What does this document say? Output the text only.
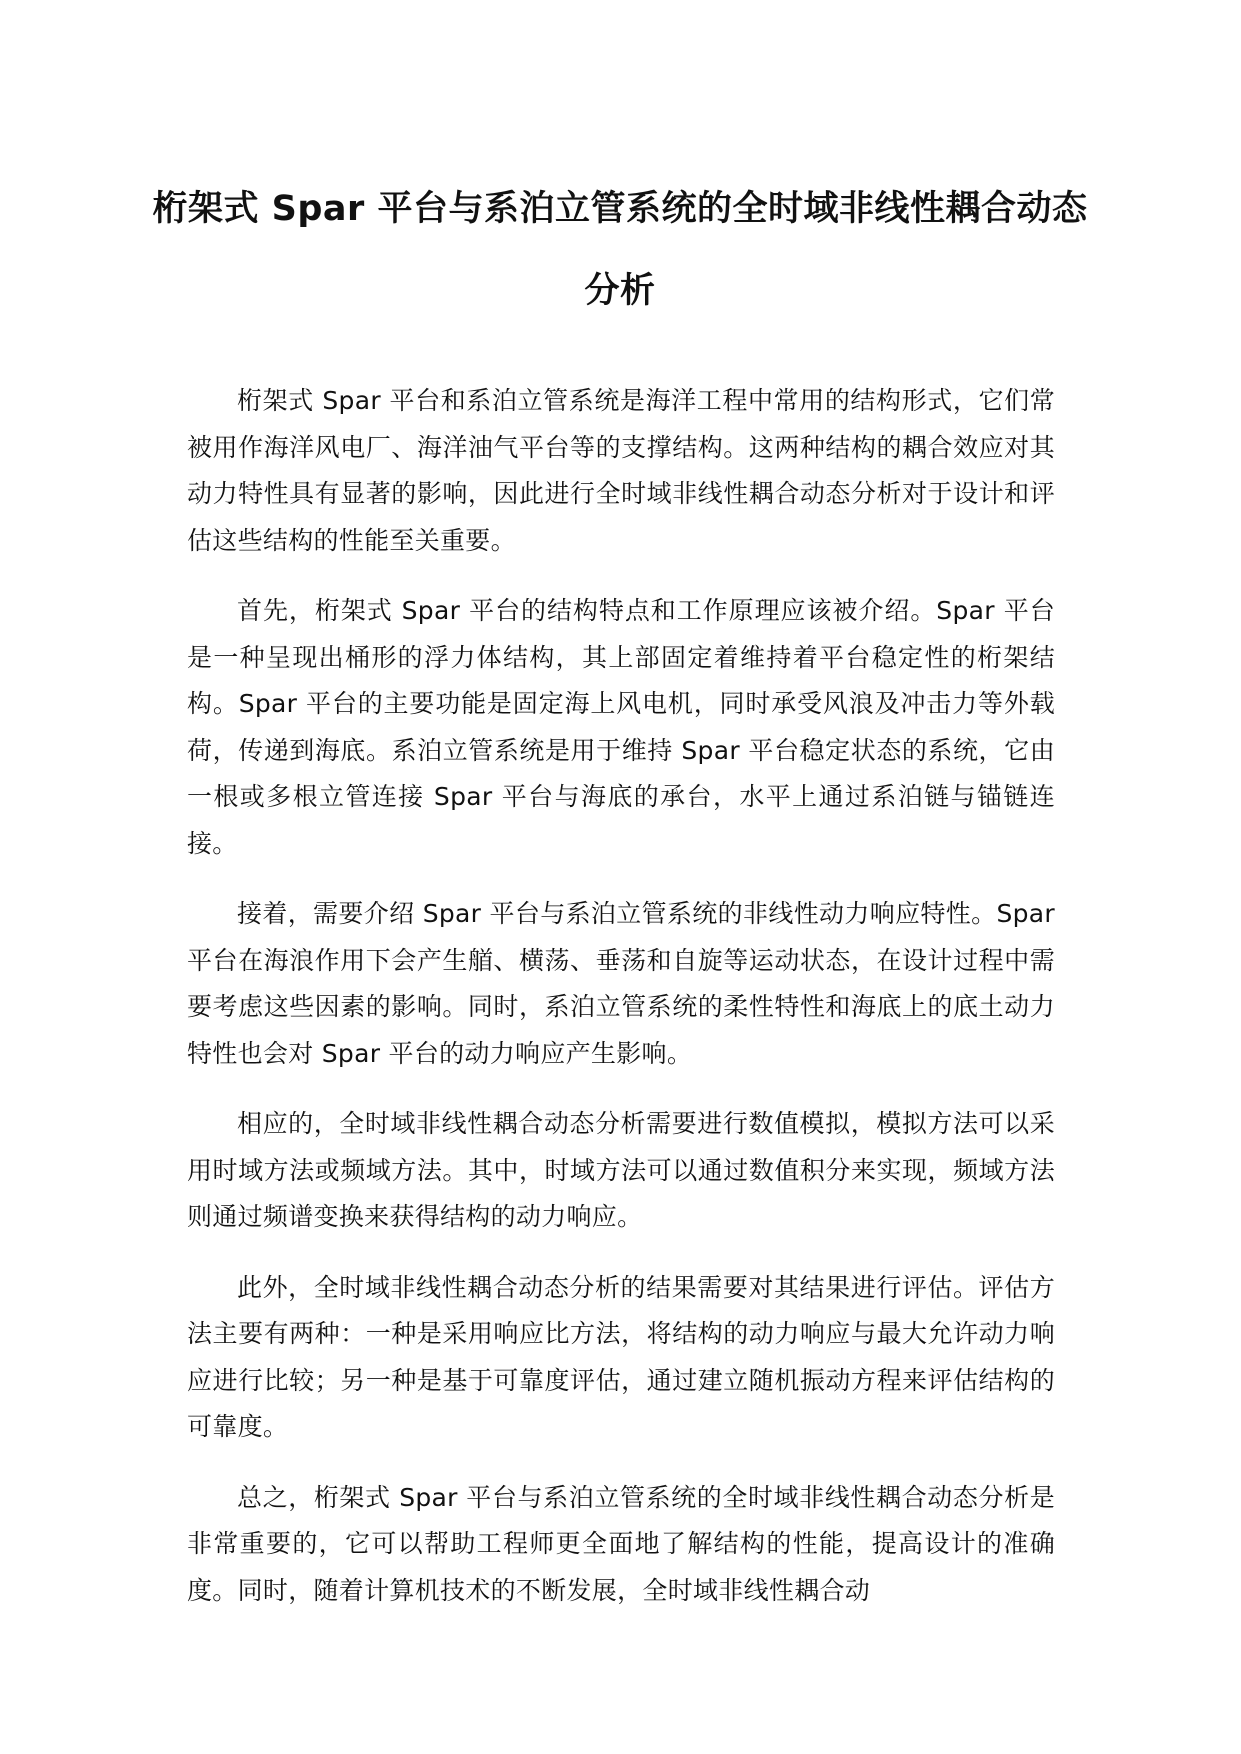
桁架式 Spar 平台与系泊立管系统的全时域非线性耦合动态分析

桁架式 Spar 平台和系泊立管系统是海洋工程中常用的结构形式，它们常被用作海洋风电厂、海洋油气平台等的支撑结构。这两种结构的耦合效应对其动力特性具有显著的影响，因此进行全时域非线性耦合动态分析对于设计和评估这些结构的性能至关重要。

首先，桁架式 Spar 平台的结构特点和工作原理应该被介绍。Spar 平台是一种呈现出桶形的浮力体结构，其上部固定着维持着平台稳定性的桁架结构。Spar 平台的主要功能是固定海上风电机，同时承受风浪及冲击力等外载荷，传递到海底。系泊立管系统是用于维持 Spar 平台稳定状态的系统，它由一根或多根立管连接 Spar 平台与海底的承台，水平上通过系泊链与锚链连接。

接着，需要介绍 Spar 平台与系泊立管系统的非线性动力响应特性。Spar 平台在海浪作用下会产生艏、横荡、垂荡和自旋等运动状态，在设计过程中需要考虑这些因素的影响。同时，系泊立管系统的柔性特性和海底上的底土动力特性也会对 Spar 平台的动力响应产生影响。

相应的，全时域非线性耦合动态分析需要进行数值模拟，模拟方法可以采用时域方法或频域方法。其中，时域方法可以通过数值积分来实现，频域方法则通过频谱变换来获得结构的动力响应。

此外，全时域非线性耦合动态分析的结果需要对其结果进行评估。评估方法主要有两种：一种是采用响应比方法，将结构的动力响应与最大允许动力响应进行比较；另一种是基于可靠度评估，通过建立随机振动方程来评估结构的可靠度。

总之，桁架式 Spar 平台与系泊立管系统的全时域非线性耦合动态分析是非常重要的，它可以帮助工程师更全面地了解结构的性能，提高设计的准确度。同时，随着计算机技术的不断发展，全时域非线性耦合动
